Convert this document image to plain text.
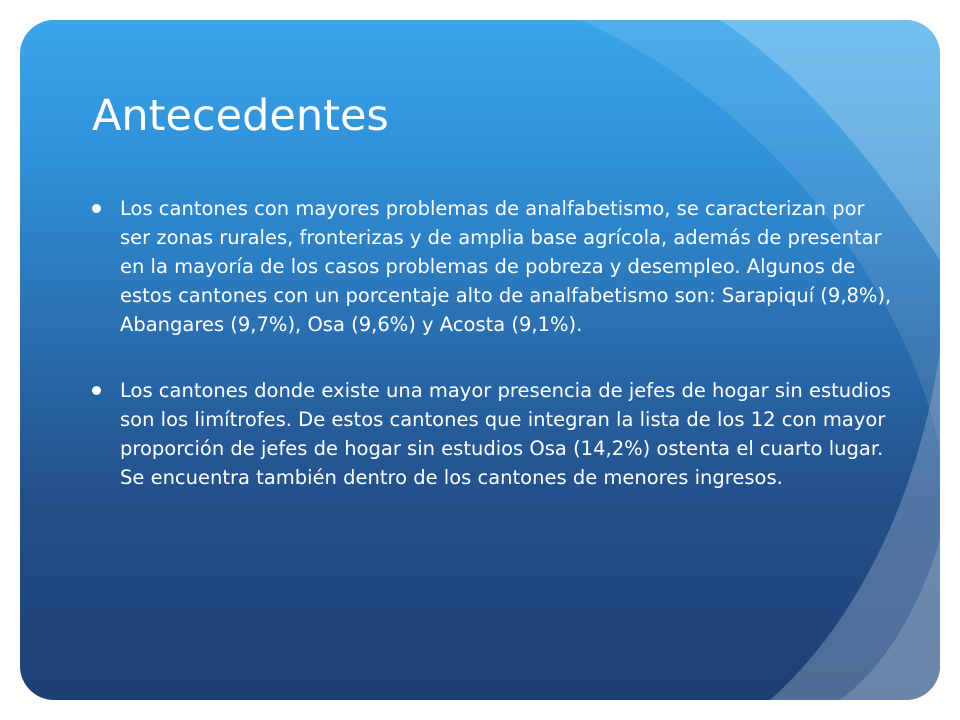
Antecedentes
Los cantones con mayores problemas de analfabetismo, se caracterizan por ser zonas rurales, fronterizas y de amplia base agrícola, además de presentar en la mayoría de los casos problemas de pobreza y desempleo. Algunos de estos cantones con un porcentaje alto de analfabetismo son: Sarapiquí (9,8%), Abangares (9,7%), Osa (9,6%) y Acosta (9,1%).
Los cantones donde existe una mayor presencia de jefes de hogar sin estudios son los limítrofes. De estos cantones que integran la lista de los 12 con mayor proporción de jefes de hogar sin estudios Osa (14,2%) ostenta el cuarto lugar. Se encuentra también dentro de los cantones de menores ingresos.
